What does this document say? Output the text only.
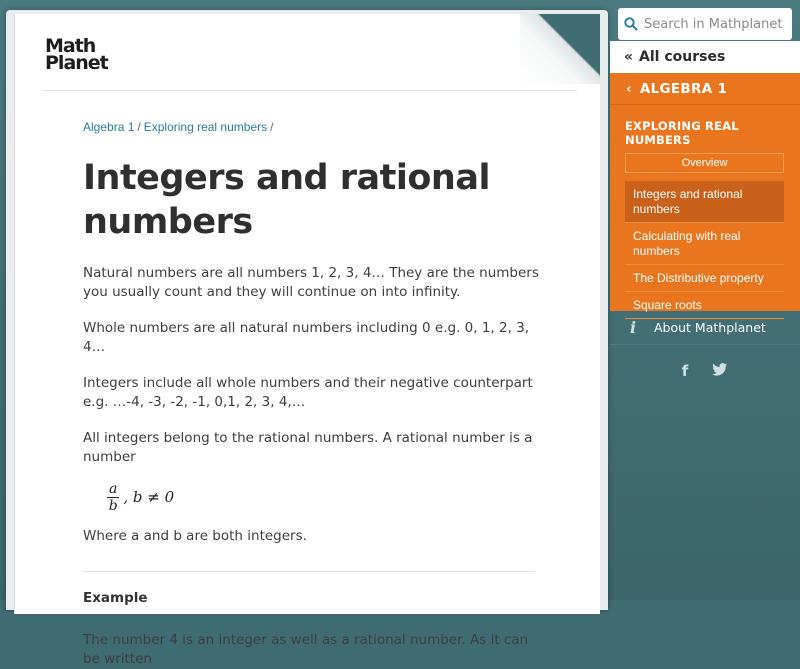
Math
Planet
Algebra 1 / Exploring real numbers /
Integers and rational numbers

Natural numbers are all numbers 1, 2, 3, 4… They are the numbers you usually count and they will continue on into infinity.

Whole numbers are all natural numbers including 0 e.g. 0, 1, 2, 3, 4…

Integers include all whole numbers and their negative counterpart e.g. …-4, -3, -2, -1, 0,1, 2, 3, 4,…

All integers belong to the rational numbers. A rational number is a number

$\frac{a}{b}$ , b ≠ 0

Where a and b are both integers.

Example

The number 4 is an integer as well as a rational number. As it can be written

Search in Mathplanet
« All courses
‹ ALGEBRA 1
EXPLORING REAL NUMBERS
Overview
Integers and rational numbers
Calculating with real numbers
The Distributive property
Square roots
i	About Mathplanet
f
